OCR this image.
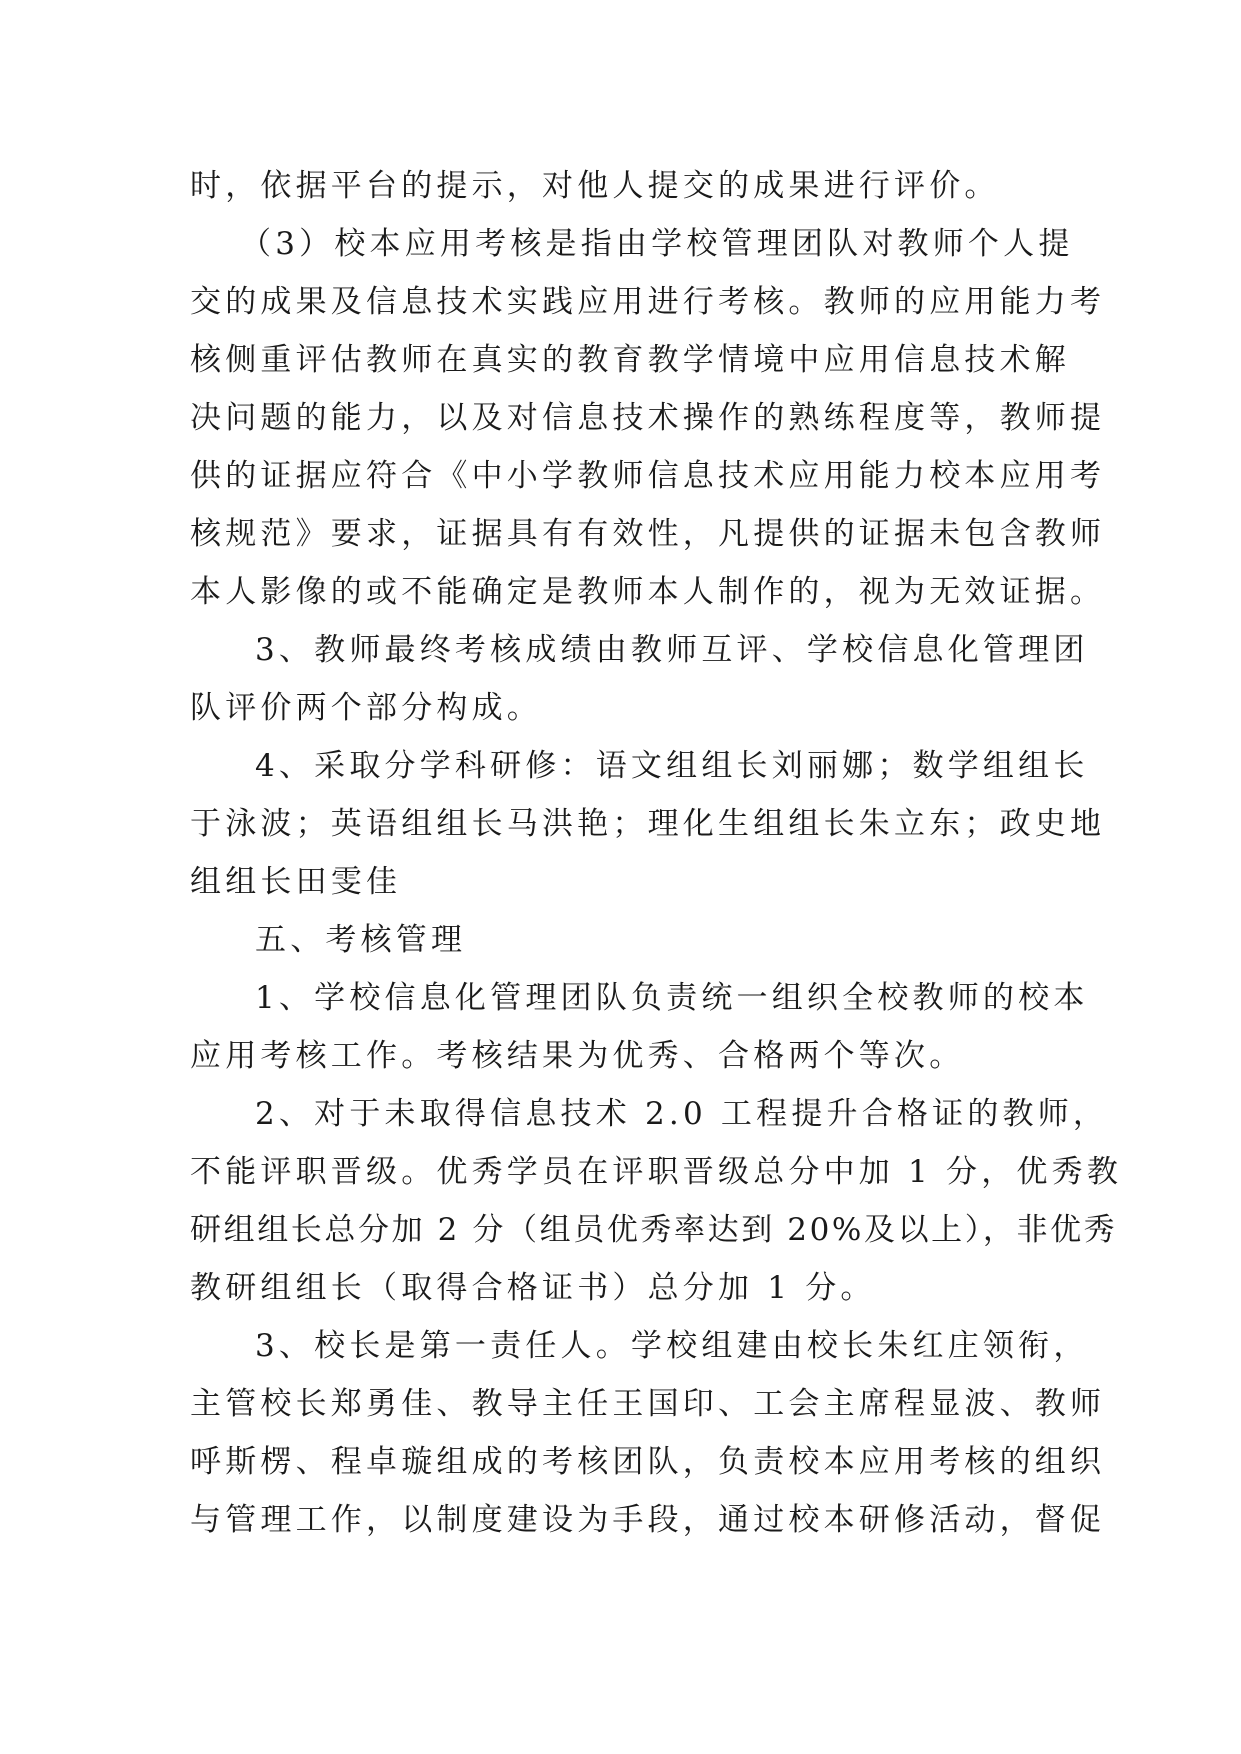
时，依据平台的提示，对他人提交的成果进行评价。
（3）校本应用考核是指由学校管理团队对教师个人提
交的成果及信息技术实践应用进行考核。教师的应用能力考
核侧重评估教师在真实的教育教学情境中应用信息技术解
决问题的能力，以及对信息技术操作的熟练程度等，教师提
供的证据应符合《中小学教师信息技术应用能力校本应用考
核规范》要求，证据具有有效性，凡提供的证据未包含教师
本人影像的或不能确定是教师本人制作的，视为无效证据。
3、教师最终考核成绩由教师互评、学校信息化管理团
队评价两个部分构成。
4、采取分学科研修：语文组组长刘丽娜；数学组组长
于泳波；英语组组长马洪艳；理化生组组长朱立东；政史地
组组长田雯佳
五、考核管理
1、学校信息化管理团队负责统一组织全校教师的校本
应用考核工作。考核结果为优秀、合格两个等次。
2、对于未取得信息技术 2.0 工程提升合格证的教师，
不能评职晋级。优秀学员在评职晋级总分中加 1 分，优秀教
研组组长总分加 2 分（组员优秀率达到 20%及以上），非优秀
教研组组长（取得合格证书）总分加 1 分。
3、校长是第一责任人。学校组建由校长朱红庄领衔，
主管校长郑勇佳、教导主任王国印、工会主席程显波、教师
呼斯楞、程卓璇组成的考核团队，负责校本应用考核的组织
与管理工作，以制度建设为手段，通过校本研修活动，督促
